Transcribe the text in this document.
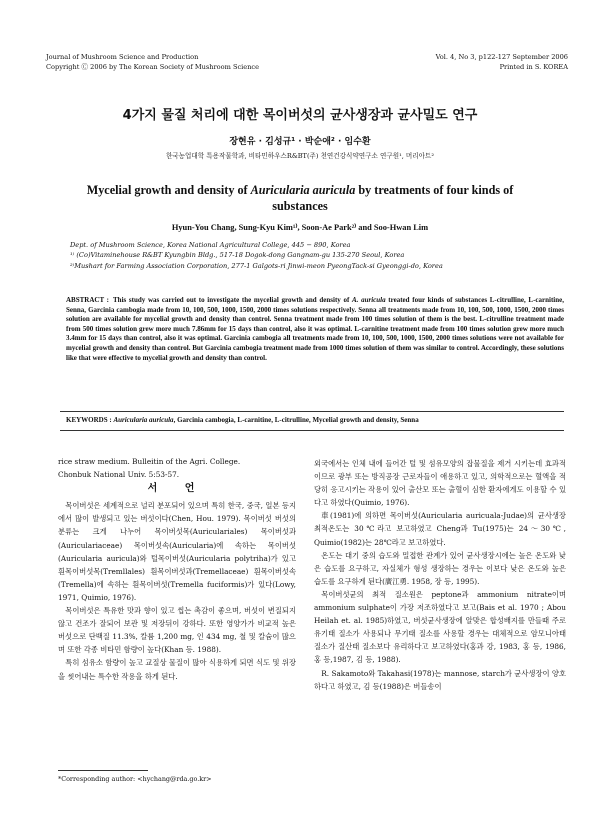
Journal of Mushroom Science and Production
Copyright Ⓒ 2006 by The Korean Society of Mushroom Science
Vol. 4, No 3, p122-127 September 2006
Printed in S. KOREA
4가지 물질 처리에 대한 목이버섯의 균사생장과 균사밀도 연구
장현유 · 김성규¹ · 박순애² · 임수환
한국농업대학 특용작물학과, 비타민하우스R&BT(주) 천연건강식약연구소 연구원¹, 머리아트²
Mycelial growth and density of Auricularia auricula by treatments of four kinds of substances
Hyun-You Chang, Sung-Kyu Kim¹⁾, Soon-Ae Park²⁾ and Soo-Hwan Lim
Dept. of Mushroom Science, Korea National Agricultural College, 445 − 890, Korea
¹⁾ (Co)Vitaminehouse R&BT Kyungbin Bldg., 517-18 Dogok-dong Gangnam-gu 135-270 Seoul, Korea
²⁾Mushart for Farming Association Corporation, 277-1 Galgots-ri Jinwi-meon PyeongTack-si Gyeonggi-do, Korea
ABSTRACT : This study was carried out to investigate the mycelial growth and density of A. auricula treated four kinds of substances L-citrulline, L-carnitine, Senna, Garcinia cambogia made from 10, 100, 500, 1000, 1500, 2000 times solutions respectively. Senna all treatments made from 10, 100, 500, 1000, 1500, 2000 times solution are available for mycelial growth and density than control. Senna treatment made from 100 times solution of them is the best. L-citrulline treatment made from 500 times solution grew more much 7.86mm for 15 days than control, also it was optimal. L-carnitine treatment made from 100 times solution grew more much 3.4mm for 15 days than control, also it was optimal. Garcinia cambogia all treatments made from 10, 100, 500, 1000, 1500, 2000 times solutions were not available for mycelial growth and density than control. But Garcinia cambogia treatment made from 1000 times solution of them was similar to control. Accordingly, these solutions like that were effective to mycelial growth and density than control.
KEYWORDS : Auricularia auricula, Garcinia cambogia, L-carnitine, L-citrulline, Mycelial growth and density, Senna

rice straw medium. Bulleitin of the Agri. College.

Chonbuk National Univ. 5:53-57.

서 언

목이버섯은 세계적으로 널리 분포되어 있으며 특히 한국, 중국, 일본 등지에서 많이 발생되고 있는 버섯이다(Chen, Hou. 1979). 목이버섯 버섯의 분류는 크게 나누어 목이버섯목(Auriculariales) 목이버섯과(Auriculariaceae) 목이버섯속(Auricularia)에 속하는 목이버섯(Auricularia auricula)와 털목이버섯(Auricularia polytriha)가 있고 흰목이버섯목(Tremllales) 흰목이버섯과(Tremellaceae) 흰목이버섯속(Tremella)에 속하는 흰목이버섯(Tremella fuciformis)가 있다(Lowy, 1971, Quimio, 1976).

목이버섯은 특유한 맛과 향이 있고 씹는 촉감이 좋으며, 버섯이 변질되지 않고 건조가 잘되어 보관 및 저장뒤이 강하다. 또한 영양가가 비교적 높은 버섯으로 단백질 11.3%, 칼륨 1,200 mg, 인 434 mg, 철 및 칼슘이 많으며 또한 각종 비타민 함량이 높다(Khan 등. 1988).

특히 섬유소 함량이 높고 교질상 물질이 많아 식용하게 되면 식도 및 위장을 씻어내는 특수한 작용을 하게 된다.

외국에서는 인체 내에 들어간 털 및 섬유모양의 잡물질을 제거 시키는데 효과적이므로 광부 또는 방직공장 근로자들이 애용하고 있고, 의학적으로는 혈액을 적당히 응고시키는 작용이 있어 출산모 또는 출혈이 심한 환자에게도 이용할 수 있다고 하였다(Quimio, 1976).

車(1981)에 의하면 목이버섯(Auricularia auricuala-Judae)의 균사생장 최적온도는 30℃라고 보고하였고 Cheng과 Tu(1975)는 24～30℃, Quimio(1982)는 28℃라고 보고하였다.

온도는 대기 중의 습도와 밀접한 관계가 있어 균사생장시에는 높은 온도와 낮은 습도를 요구하고, 자실체가 형성 생장하는 경우는 이보다 낮은 온도와 높은 습도를 요구하게 된다(廣江勇. 1958, 장 등, 1995).

목이버섯균의 최적 질소원은 peptone과 ammonium nitrate이며 ammonium sulphate이 가장 저조하였다고 보고(Bais et al. 1970 ; Abou Heilah et. al. 1985)하였고, 버섯균사생장에 알맞은 합성배지를 만들때 주로 유기태 질소가 사용되나 무기태 질소를 사용할 경우는 대체적으로 암모니아태 질소가 질산태 질소보다 유리하다고 보고하였다(홍과 강, 1983, 홍 등, 1986, 홍 등,1987, 김 등, 1988).

R. Sakamoto와 Takahasi(1978)는 mannose, starch가 균사생장이 양호하다고 하였고, 김 등(1988)은 버들송이

*Corresponding author: <hychang@rda.go.kr>
